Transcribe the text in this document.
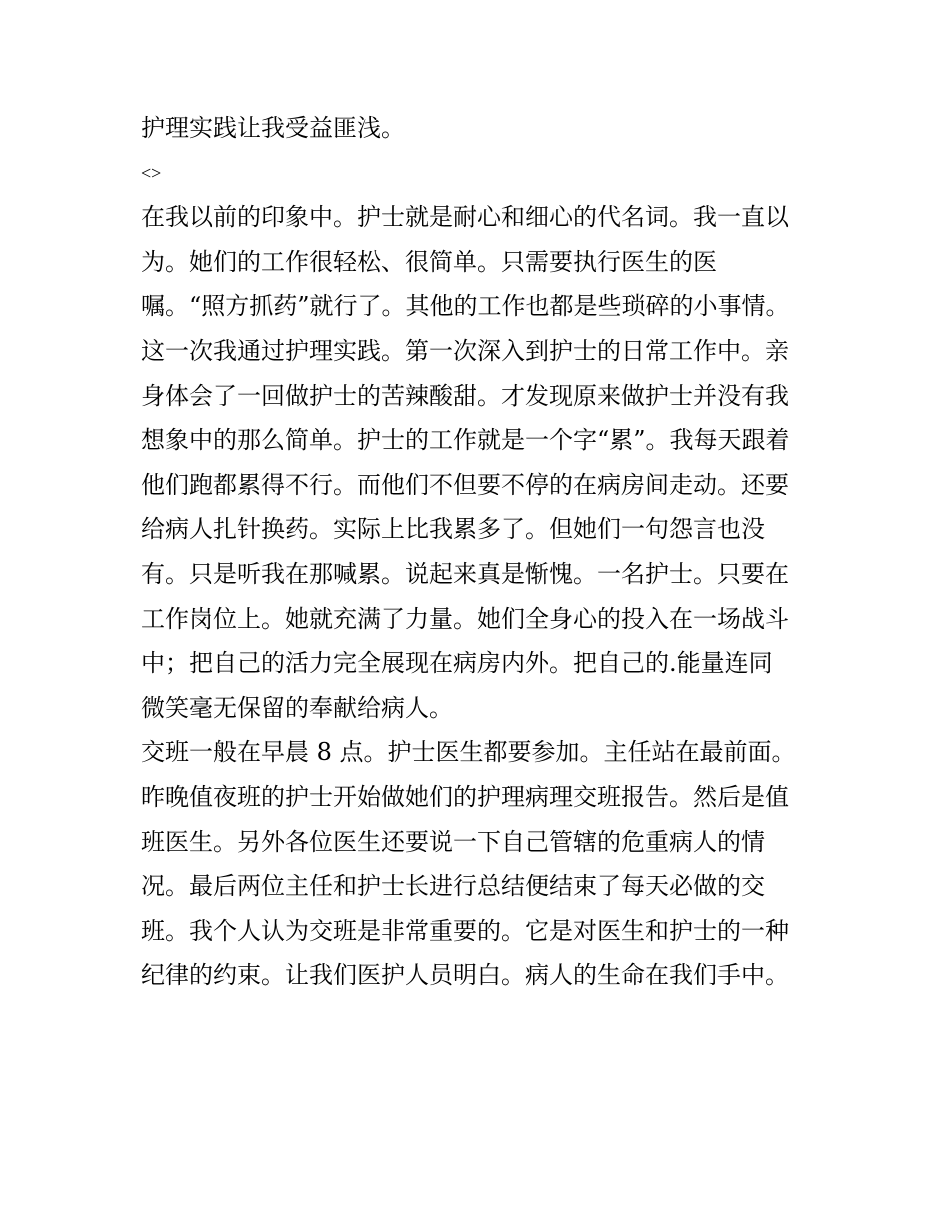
护理实践让我受益匪浅。
<>
在我以前的印象中。护士就是耐心和细心的代名词。我一直以
为。她们的工作很轻松、很简单。只需要执行医生的医
嘱。“照方抓药”就行了。其他的工作也都是些琐碎的小事情。
这一次我通过护理实践。第一次深入到护士的日常工作中。亲
身体会了一回做护士的苦辣酸甜。才发现原来做护士并没有我
想象中的那么简单。护士的工作就是一个字“累”。我每天跟着
他们跑都累得不行。而他们不但要不停的在病房间走动。还要
给病人扎针换药。实际上比我累多了。但她们一句怨言也没
有。只是听我在那喊累。说起来真是惭愧。一名护士。只要在
工作岗位上。她就充满了力量。她们全身心的投入在一场战斗
中；把自己的活力完全展现在病房内外。把自己的.能量连同
微笑毫无保留的奉献给病人。
交班一般在早晨 8 点。护士医生都要参加。主任站在最前面。
昨晚值夜班的护士开始做她们的护理病理交班报告。然后是值
班医生。另外各位医生还要说一下自己管辖的危重病人的情
况。最后两位主任和护士长进行总结便结束了每天必做的交
班。我个人认为交班是非常重要的。它是对医生和护士的一种
纪律的约束。让我们医护人员明白。病人的生命在我们手中。
